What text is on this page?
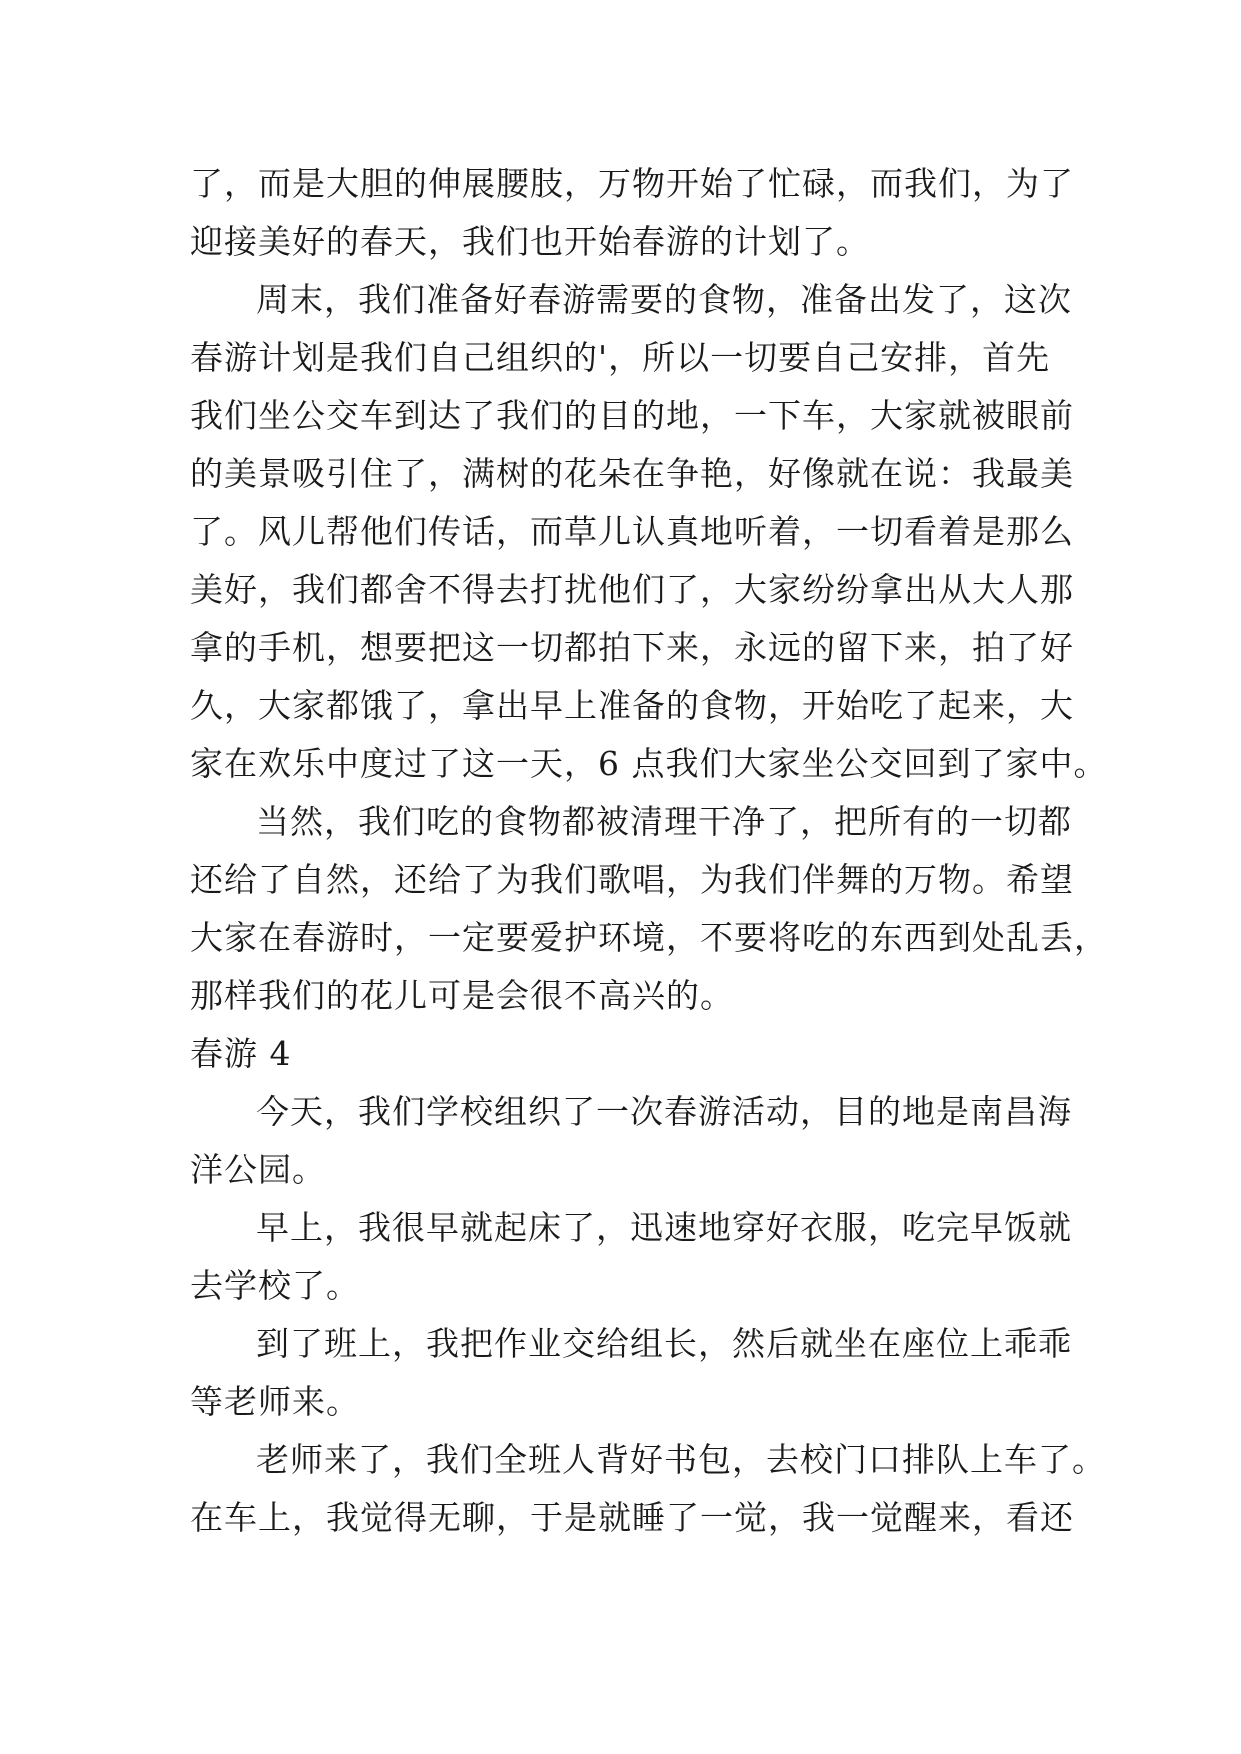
了，而是大胆的伸展腰肢，万物开始了忙碌，而我们，为了
迎接美好的春天，我们也开始春游的计划了。
周末，我们准备好春游需要的食物，准备出发了，这次
春游计划是我们自己组织的'，所以一切要自己安排，首先
我们坐公交车到达了我们的目的地，一下车，大家就被眼前
的美景吸引住了，满树的花朵在争艳，好像就在说：我最美
了。风儿帮他们传话，而草儿认真地听着，一切看着是那么
美好，我们都舍不得去打扰他们了，大家纷纷拿出从大人那
拿的手机，想要把这一切都拍下来，永远的留下来，拍了好
久，大家都饿了，拿出早上准备的食物，开始吃了起来，大
家在欢乐中度过了这一天，6 点我们大家坐公交回到了家中。
当然，我们吃的食物都被清理干净了，把所有的一切都
还给了自然，还给了为我们歌唱，为我们伴舞的万物。希望
大家在春游时，一定要爱护环境，不要将吃的东西到处乱丢，
那样我们的花儿可是会很不高兴的。
春游 4
今天，我们学校组织了一次春游活动，目的地是南昌海
洋公园。
早上，我很早就起床了，迅速地穿好衣服，吃完早饭就
去学校了。
到了班上，我把作业交给组长，然后就坐在座位上乖乖
等老师来。
老师来了，我们全班人背好书包，去校门口排队上车了。
在车上，我觉得无聊，于是就睡了一觉，我一觉醒来，看还
